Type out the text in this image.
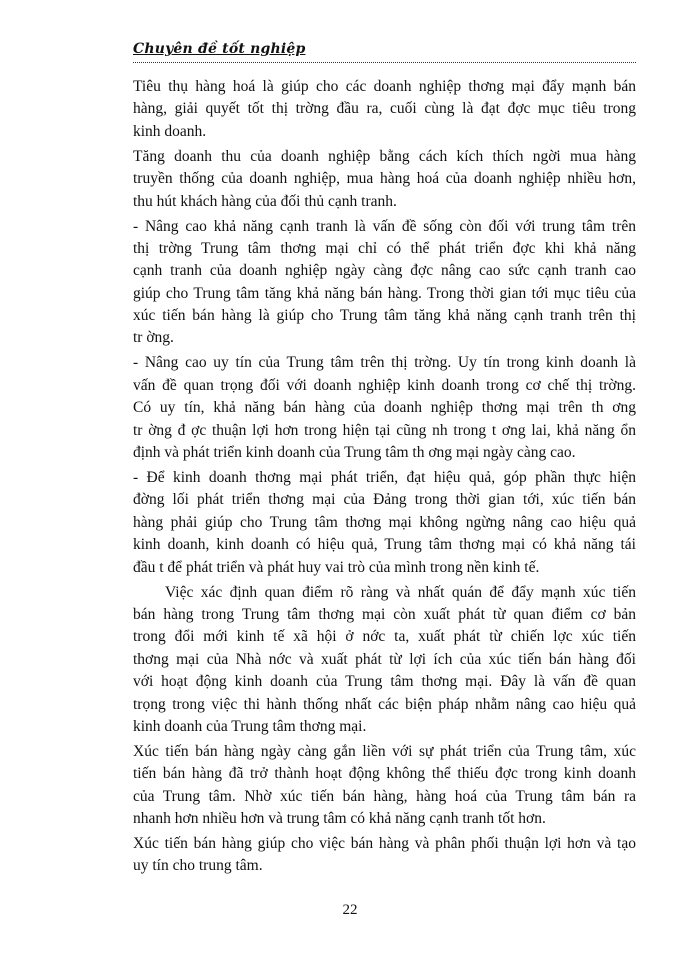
Chuyên đề tốt nghiệp
Tiêu thụ hàng hoá là giúp cho các doanh nghiệp thơng mại đẩy mạnh bán
hàng, giải quyết tốt thị trờng đầu ra, cuối cùng là đạt đợc mục tiêu trong
kinh doanh.
Tăng doanh thu của doanh nghiệp bằng cách kích thích ngời mua hàng
truyền thống của doanh nghiệp, mua hàng hoá của doanh nghiệp nhiều hơn,
thu hút khách hàng của đối thủ cạnh tranh.
- Nâng cao khả năng cạnh tranh là vấn đề sống còn đối với trung tâm trên
thị trờng Trung tâm thơng mại chỉ có thể phát triển đợc khi khả năng
cạnh tranh của doanh nghiệp ngày càng đợc nâng cao sức cạnh tranh cao
giúp cho Trung tâm tăng khả năng bán hàng. Trong thời gian tới mục tiêu của
xúc tiến bán hàng là giúp cho Trung tâm tăng khả năng cạnh tranh trên thị
tr ờng.
- Nâng cao uy tín của Trung tâm trên thị trờng. Uy tín trong kinh doanh là
vấn đề quan trọng đối với doanh nghiệp kinh doanh trong cơ chế thị trờng.
Có uy tín, khả năng bán hàng của doanh nghiệp thơng mại trên th ơng
tr ờng đ ợc thuận lợi hơn trong hiện tại cũng nh trong t ơng lai, khả năng ổn
định và phát triển kinh doanh của Trung tâm th ơng mại ngày càng cao.
- Để kinh doanh thơng mại phát triển, đạt hiệu quả, góp phần thực hiện
đờng lối phát triển thơng mại của Đảng trong thời gian tới, xúc tiến bán
hàng phải giúp cho Trung tâm thơng mại không ngừng nâng cao hiệu quả
kinh doanh, kinh doanh có hiệu quả, Trung tâm thơng mại có khả năng tái
đầu t để phát triển và phát huy vai trò của mình trong nền kinh tế.
Việc xác định quan điểm rõ ràng và nhất quán để đẩy mạnh xúc tiến
bán hàng trong Trung tâm thơng mại còn xuất phát từ quan điểm cơ bản
trong đổi mới kinh tế xã hội ở nớc ta, xuất phát từ chiến lợc xúc tiến
thơng mại của Nhà nớc và xuất phát từ lợi ích của xúc tiến bán hàng đối
với hoạt động kinh doanh của Trung tâm thơng mại. Đây là vấn đề quan
trọng trong việc thi hành thống nhất các biện pháp nhằm nâng cao hiệu quả
kinh doanh của Trung tâm thơng mại.
Xúc tiến bán hàng ngày càng gắn liền với sự phát triển của Trung tâm, xúc
tiến bán hàng đã trở thành hoạt động không thể thiếu đợc trong kinh doanh
của Trung tâm. Nhờ xúc tiến bán hàng, hàng hoá của Trung tâm bán ra
nhanh hơn nhiều hơn và trung tâm có khả năng cạnh tranh tốt hơn.
Xúc tiến bán hàng giúp cho việc bán hàng và phân phối thuận lợi hơn và tạo
uy tín cho trung tâm.
22
